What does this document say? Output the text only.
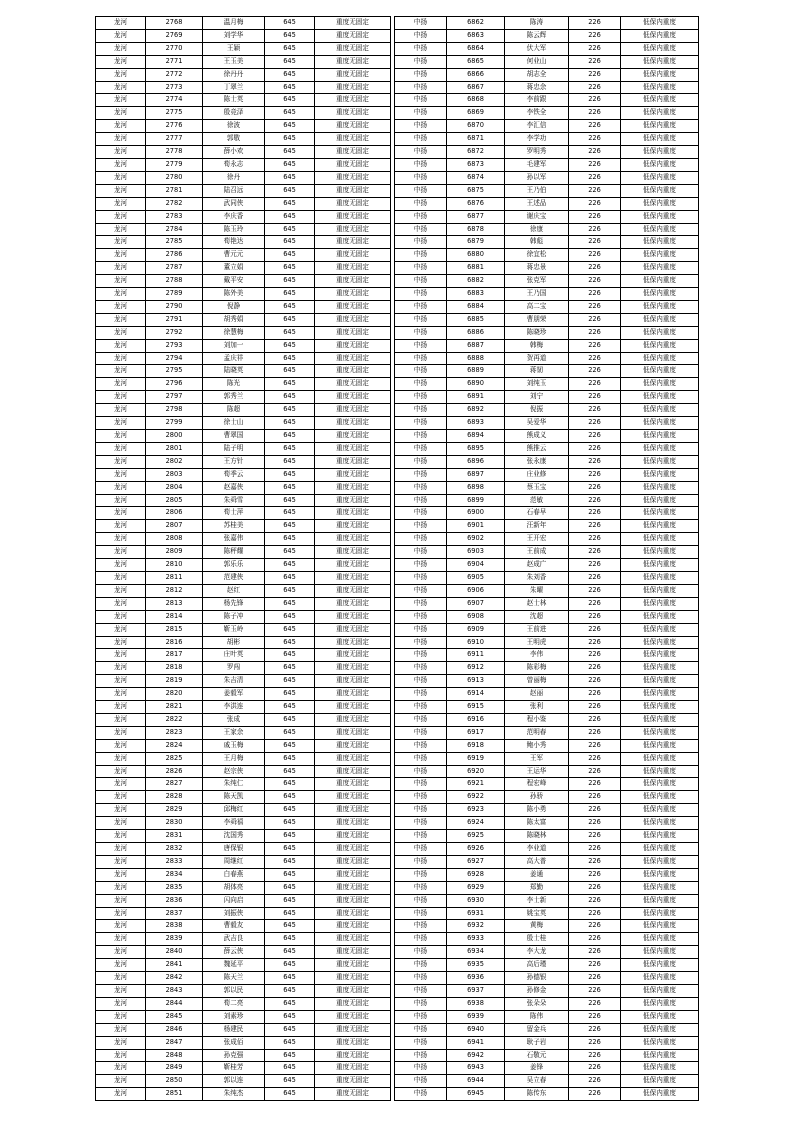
龙河	2768	温月梅	645	重度无固定
龙河	2769	刘学华	645	重度无固定
龙河	2770	王颖	645	重度无固定
龙河	2771	王玉美	645	重度无固定
龙河	2772	徐丹丹	645	重度无固定
龙河	2773	丁翠兰	645	重度无固定
龙河	2774	陈士英	645	重度无固定
龙河	2775	殷竞泽	645	重度无固定
龙河	2776	徐波	645	重度无固定
龙河	2777	郭敬	645	重度无固定
龙河	2778	薛小欢	645	重度无固定
龙河	2779	荀永志	645	重度无固定
龙河	2780	徐丹	645	重度无固定
龙河	2781	陆召远	645	重度无固定
龙河	2782	武同侠	645	重度无固定
龙河	2783	李庆香	645	重度无固定
龙河	2784	陈玉玲	645	重度无固定
龙河	2785	荀艳达	645	重度无固定
龙河	2786	曹元元	645	重度无固定
龙河	2787	董立娟	645	重度无固定
龙河	2788	戴平安	645	重度无固定
龙河	2789	陈外美	645	重度无固定
龙河	2790	倪静	645	重度无固定
龙河	2791	胡秀娟	645	重度无固定
龙河	2792	徐慧梅	645	重度无固定
龙河	2793	刘加一	645	重度无固定
龙河	2794	孟庆祥	645	重度无固定
龙河	2795	陆晓英	645	重度无固定
龙河	2796	陈光	645	重度无固定
龙河	2797	郭秀兰	645	重度无固定
龙河	2798	陈超	645	重度无固定
龙河	2799	徐士山	645	重度无固定
龙河	2800	曹翠国	645	重度无固定
龙河	2801	陆子明	645	重度无固定
龙河	2802	王方针	645	重度无固定
龙河	2803	荀季云	645	重度无固定
龙河	2804	赵嘉侠	645	重度无固定
龙河	2805	朱舜雪	645	重度无固定
龙河	2806	荀士萍	645	重度无固定
龙河	2807	苏桂美	645	重度无固定
龙河	2808	张嘉伟	645	重度无固定
龙河	2809	陈秤耀	645	重度无固定
龙河	2810	郭乐乐	645	重度无固定
龙河	2811	范建侠	645	重度无固定
龙河	2812	赵红	645	重度无固定
龙河	2813	杨先锋	645	重度无固定
龙河	2814	陈子冲	645	重度无固定
龙河	2815	靳玉岭	645	重度无固定
龙河	2816	胡彬	645	重度无固定
龙河	2817	庄叶英	645	重度无固定
龙河	2818	罗闯	645	重度无固定
龙河	2819	朱吉清	645	重度无固定
龙河	2820	姜毅军	645	重度无固定
龙河	2821	李洪连	645	重度无固定
龙河	2822	张成	645	重度无固定
龙河	2823	王家余	645	重度无固定
龙河	2824	戚玉梅	645	重度无固定
龙河	2825	王月梅	645	重度无固定
龙河	2826	赵宗侠	645	重度无固定
龙河	2827	朱纯仁	645	重度无固定
龙河	2828	陈天凯	645	重度无固定
龙河	2829	邱梅红	645	重度无固定
龙河	2830	李舜禧	645	重度无固定
龙河	2831	沈国秀	645	重度无固定
龙河	2832	唐保银	645	重度无固定
龙河	2833	周继红	645	重度无固定
龙河	2834	白春燕	645	重度无固定
龙河	2835	胡体亮	645	重度无固定
龙河	2836	闪向启	645	重度无固定
龙河	2837	刘振侠	645	重度无固定
龙河	2838	曹毅友	645	重度无固定
龙河	2839	武吉良	645	重度无固定
龙河	2840	薛云侠	645	重度无固定
龙河	2841	魏延平	645	重度无固定
龙河	2842	陈天兰	645	重度无固定
龙河	2843	郭以民	645	重度无固定
龙河	2844	荀二亮	645	重度无固定
龙河	2845	刘素珍	645	重度无固定
龙河	2846	杨建民	645	重度无固定
龙河	2847	张成佰	645	重度无固定
龙河	2848	孙克强	645	重度无固定
龙河	2849	靳桂芳	645	重度无固定
龙河	2850	郭以连	645	重度无固定
龙河	2851	朱纯杰	645	重度无固定
中扬	6862	陈涛	226	低保内重度
中扬	6863	陈云辉	226	低保内重度
中扬	6864	伏大军	226	低保内重度
中扬	6865	何业山	226	低保内重度
中扬	6866	胡志全	226	低保内重度
中扬	6867	蒋忠余	226	低保内重度
中扬	6868	李前跟	226	低保内重度
中扬	6869	李铁全	226	低保内重度
中扬	6870	李汇信	226	低保内重度
中扬	6871	李学功	226	低保内重度
中扬	6872	罗明秀	226	低保内重度
中扬	6873	毛建军	226	低保内重度
中扬	6874	孙以军	226	低保内重度
中扬	6875	王乃伯	226	低保内重度
中扬	6876	王述品	226	低保内重度
中扬	6877	谢庆宝	226	低保内重度
中扬	6878	徐康	226	低保内重度
中扬	6879	韩彪	226	低保内重度
中扬	6880	徐宜松	226	低保内重度
中扬	6881	蒋忠景	226	低保内重度
中扬	6882	张克军	226	低保内重度
中扬	6883	王乃国	226	低保内重度
中扬	6884	高二宝	226	低保内重度
中扬	6885	曹朋荣	226	低保内重度
中扬	6886	陈晓珍	226	低保内重度
中扬	6887	韩梅	226	低保内重度
中扬	6888	贺再道	226	低保内重度
中扬	6889	蒋韧	226	低保内重度
中扬	6890	刘纯玉	226	低保内重度
中扬	6891	刘宁	226	低保内重度
中扬	6892	倪振	226	低保内重度
中扬	6893	吴爱华	226	低保内重度
中扬	6894	熊成义	226	低保内重度
中扬	6895	熊推云	226	低保内重度
中扬	6896	张永康	226	低保内重度
中扬	6897	庄业修	226	低保内重度
中扬	6898	蔡玉宝	226	低保内重度
中扬	6899	范敏	226	低保内重度
中扬	6900	石春早	226	低保内重度
中扬	6901	汪新年	226	低保内重度
中扬	6902	王开宏	226	低保内重度
中扬	6903	王前成	226	低保内重度
中扬	6904	赵成广	226	低保内重度
中扬	6905	朱刘香	226	低保内重度
中扬	6906	朱曜	226	低保内重度
中扬	6907	赵士林	226	低保内重度
中扬	6908	沈超	226	低保内重度
中扬	6909	王前进	226	低保内重度
中扬	6910	王明虎	226	低保内重度
中扬	6911	李伟	226	低保内重度
中扬	6912	陈彩梅	226	低保内重度
中扬	6913	曾丽梅	226	低保内重度
中扬	6914	赵丽	226	低保内重度
中扬	6915	张利	226	低保内重度
中扬	6916	程小鉴	226	低保内重度
中扬	6917	范明春	226	低保内重度
中扬	6918	鲍小秀	226	低保内重度
中扬	6919	王军	226	低保内重度
中扬	6920	王运华	226	低保内重度
中扬	6921	程宏峰	226	低保内重度
中扬	6922	孙骄	226	低保内重度
中扬	6923	陈小勇	226	低保内重度
中扬	6924	陈太富	226	低保内重度
中扬	6925	陈晓林	226	低保内重度
中扬	6926	李业道	226	低保内重度
中扬	6927	高大普	226	低保内重度
中扬	6928	姜通	226	低保内重度
中扬	6929	郑勤	226	低保内重度
中扬	6930	李士新	226	低保内重度
中扬	6931	姚宝英	226	低保内重度
中扬	6932	黄梅	226	低保内重度
中扬	6933	殷士桂	226	低保内重度
中扬	6934	李大龙	226	低保内重度
中扬	6935	高后瑾	226	低保内重度
中扬	6936	孙德银	226	低保内重度
中扬	6937	孙修金	226	低保内重度
中扬	6938	张朵朵	226	低保内重度
中扬	6939	陈伟	226	低保内重度
中扬	6940	留金兵	226	低保内重度
中扬	6941	耿子岩	226	低保内重度
中扬	6942	石敬元	226	低保内重度
中扬	6943	姜锋	226	低保内重度
中扬	6944	吴立春	226	低保内重度
中扬	6945	陈传东	226	低保内重度
